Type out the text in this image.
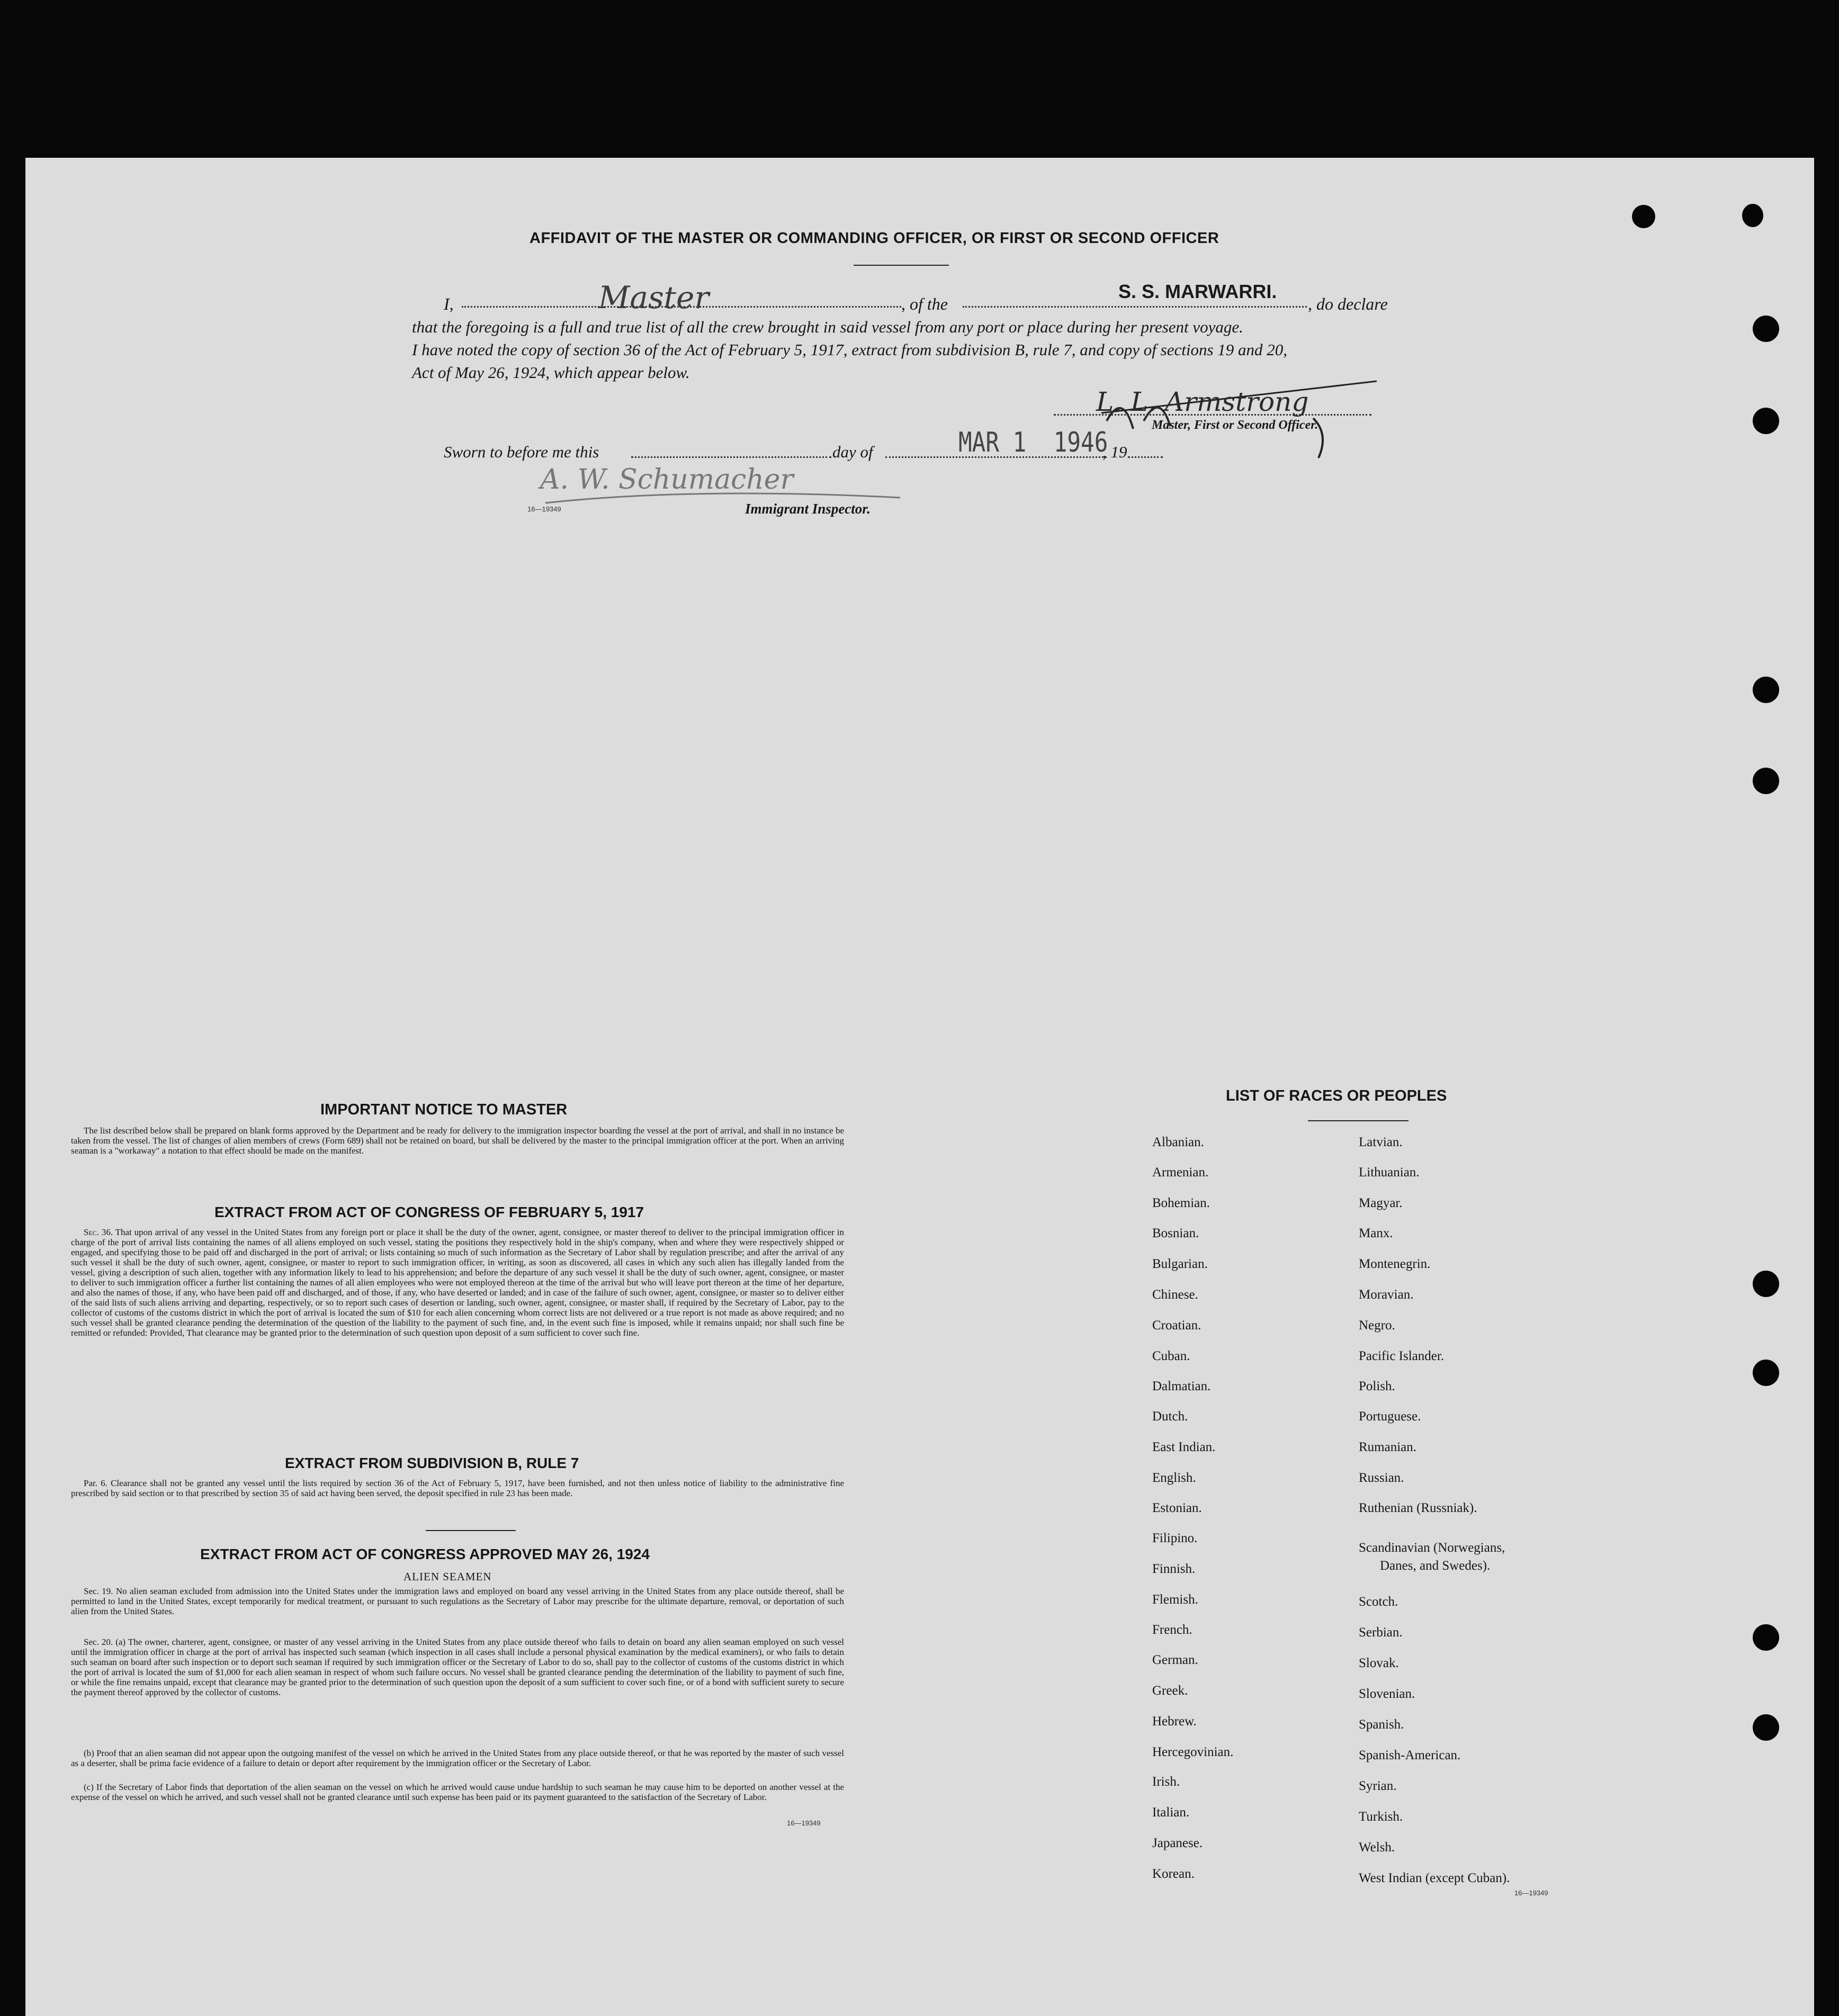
AFFIDAVIT OF THE MASTER OR COMMANDING OFFICER, OR FIRST OR SECOND OFFICER
I,	Master	, of the
S. S. MARWARRI.
, do declare
that the foregoing is a full and true list of all the crew brought in said vessel from any port or place during her present voyage.
I have noted the copy of section 36 of the Act of February 5, 1917, extract from subdivision B, rule 7, and copy of sections 19 and 20,
Act of May 26, 1924, which appear below.
L. L. Armstrong
Master, First or Second Officer.
Sworn to before me this	day of	MAR 1  1946
, 19
A. W. Schumacher
16—19349	Immigrant Inspector.
IMPORTANT NOTICE TO MASTER
The list described below shall be prepared on blank forms approved by the Department and be ready for delivery to the immigration inspector boarding the vessel at the port of arrival, and shall in no instance be taken from the vessel. The list of changes of alien members of crews (Form 689) shall not be retained on board, but shall be delivered by the master to the principal immigration officer at the port. When an arriving seaman is a "workaway" a notation to that effect should be made on the manifest.
EXTRACT FROM ACT OF CONGRESS OF FEBRUARY 5, 1917
Sec. 36. That upon arrival of any vessel in the United States from any foreign port or place it shall be the duty of the owner, agent, consignee, or master thereof to deliver to the principal immigration officer in charge of the port of arrival lists containing the names of all aliens employed on such vessel, stating the positions they respectively hold in the ship's company, when and where they were respectively shipped or engaged, and specifying those to be paid off and discharged in the port of arrival; or lists containing so much of such information as the Secretary of Labor shall by regulation prescribe; and after the arrival of any such vessel it shall be the duty of such owner, agent, consignee, or master to report to such immigration officer, in writing, as soon as discovered, all cases in which any such alien has illegally landed from the vessel, giving a description of such alien, together with any information likely to lead to his apprehension; and before the departure of any such vessel it shall be the duty of such owner, agent, consignee, or master to deliver to such immigration officer a further list containing the names of all alien employees who were not employed thereon at the time of the arrival but who will leave port thereon at the time of her departure, and also the names of those, if any, who have been paid off and discharged, and of those, if any, who have deserted or landed; and in case of the failure of such owner, agent, consignee, or master so to deliver either of the said lists of such aliens arriving and departing, respectively, or so to report such cases of desertion or landing, such owner, agent, consignee, or master shall, if required by the Secretary of Labor, pay to the collector of customs of the customs district in which the port of arrival is located the sum of $10 for each alien concerning whom correct lists are not delivered or a true report is not made as above required; and no such vessel shall be granted clearance pending the determination of the question of the liability to the payment of such fine, and, in the event such fine is imposed, while it remains unpaid; nor shall such fine be remitted or refunded: Provided, That clearance may be granted prior to the determination of such question upon deposit of a sum sufficient to cover such fine.
EXTRACT FROM SUBDIVISION B, RULE 7
Par. 6. Clearance shall not be granted any vessel until the lists required by section 36 of the Act of February 5, 1917, have been furnished, and not then unless notice of liability to the administrative fine prescribed by said section or to that prescribed by section 35 of said act having been served, the deposit specified in rule 23 has been made.
EXTRACT FROM ACT OF CONGRESS APPROVED MAY 26, 1924
ALIEN SEAMEN
Sec. 19. No alien seaman excluded from admission into the United States under the immigration laws and employed on board any vessel arriving in the United States from any place outside thereof, shall be permitted to land in the United States, except temporarily for medical treatment, or pursuant to such regulations as the Secretary of Labor may prescribe for the ultimate departure, removal, or deportation of such alien from the United States.
Sec. 20. (a) The owner, charterer, agent, consignee, or master of any vessel arriving in the United States from any place outside thereof who fails to detain on board any alien seaman employed on such vessel until the immigration officer in charge at the port of arrival has inspected such seaman (which inspection in all cases shall include a personal physical examination by the medical examiners), or who fails to detain such seaman on board after such inspection or to deport such seaman if required by such immigration officer or the Secretary of Labor to do so, shall pay to the collector of customs of the customs district in which the port of arrival is located the sum of $1,000 for each alien seaman in respect of whom such failure occurs. No vessel shall be granted clearance pending the determination of the liability to payment of such fine, or while the fine remains unpaid, except that clearance may be granted prior to the determination of such question upon the deposit of a sum sufficient to cover such fine, or of a bond with sufficient surety to secure the payment thereof approved by the collector of customs.
(b) Proof that an alien seaman did not appear upon the outgoing manifest of the vessel on which he arrived in the United States from any place outside thereof, or that he was reported by the master of such vessel as a deserter, shall be prima facie evidence of a failure to detain or deport after requirement by the immigration officer or the Secretary of Labor.
(c) If the Secretary of Labor finds that deportation of the alien seaman on the vessel on which he arrived would cause undue hardship to such seaman he may cause him to be deported on another vessel at the expense of the vessel on which he arrived, and such vessel shall not be granted clearance until such expense has been paid or its payment guaranteed to the satisfaction of the Secretary of Labor.
16—19349
LIST OF RACES OR PEOPLES
Albanian.
Armenian.
Bohemian.
Bosnian.
Bulgarian.
Chinese.
Croatian.
Cuban.
Dalmatian.
Dutch.
East Indian.
English.
Estonian.
Filipino.
Finnish.
Flemish.
French.
German.
Greek.
Hebrew.
Hercegovinian.
Irish.
Italian.
Japanese.
Korean.
Latvian.
Lithuanian.
Magyar.
Manx.
Montenegrin.
Moravian.
Negro.
Pacific Islander.
Polish.
Portuguese.
Rumanian.
Russian.
Ruthenian (Russniak).
Scandinavian (Norwegians,
Danes, and Swedes).
Scotch.
Serbian.
Slovak.
Slovenian.
Spanish.
Spanish-American.
Syrian.
Turkish.
Welsh.
West Indian (except Cuban).
16—19349
